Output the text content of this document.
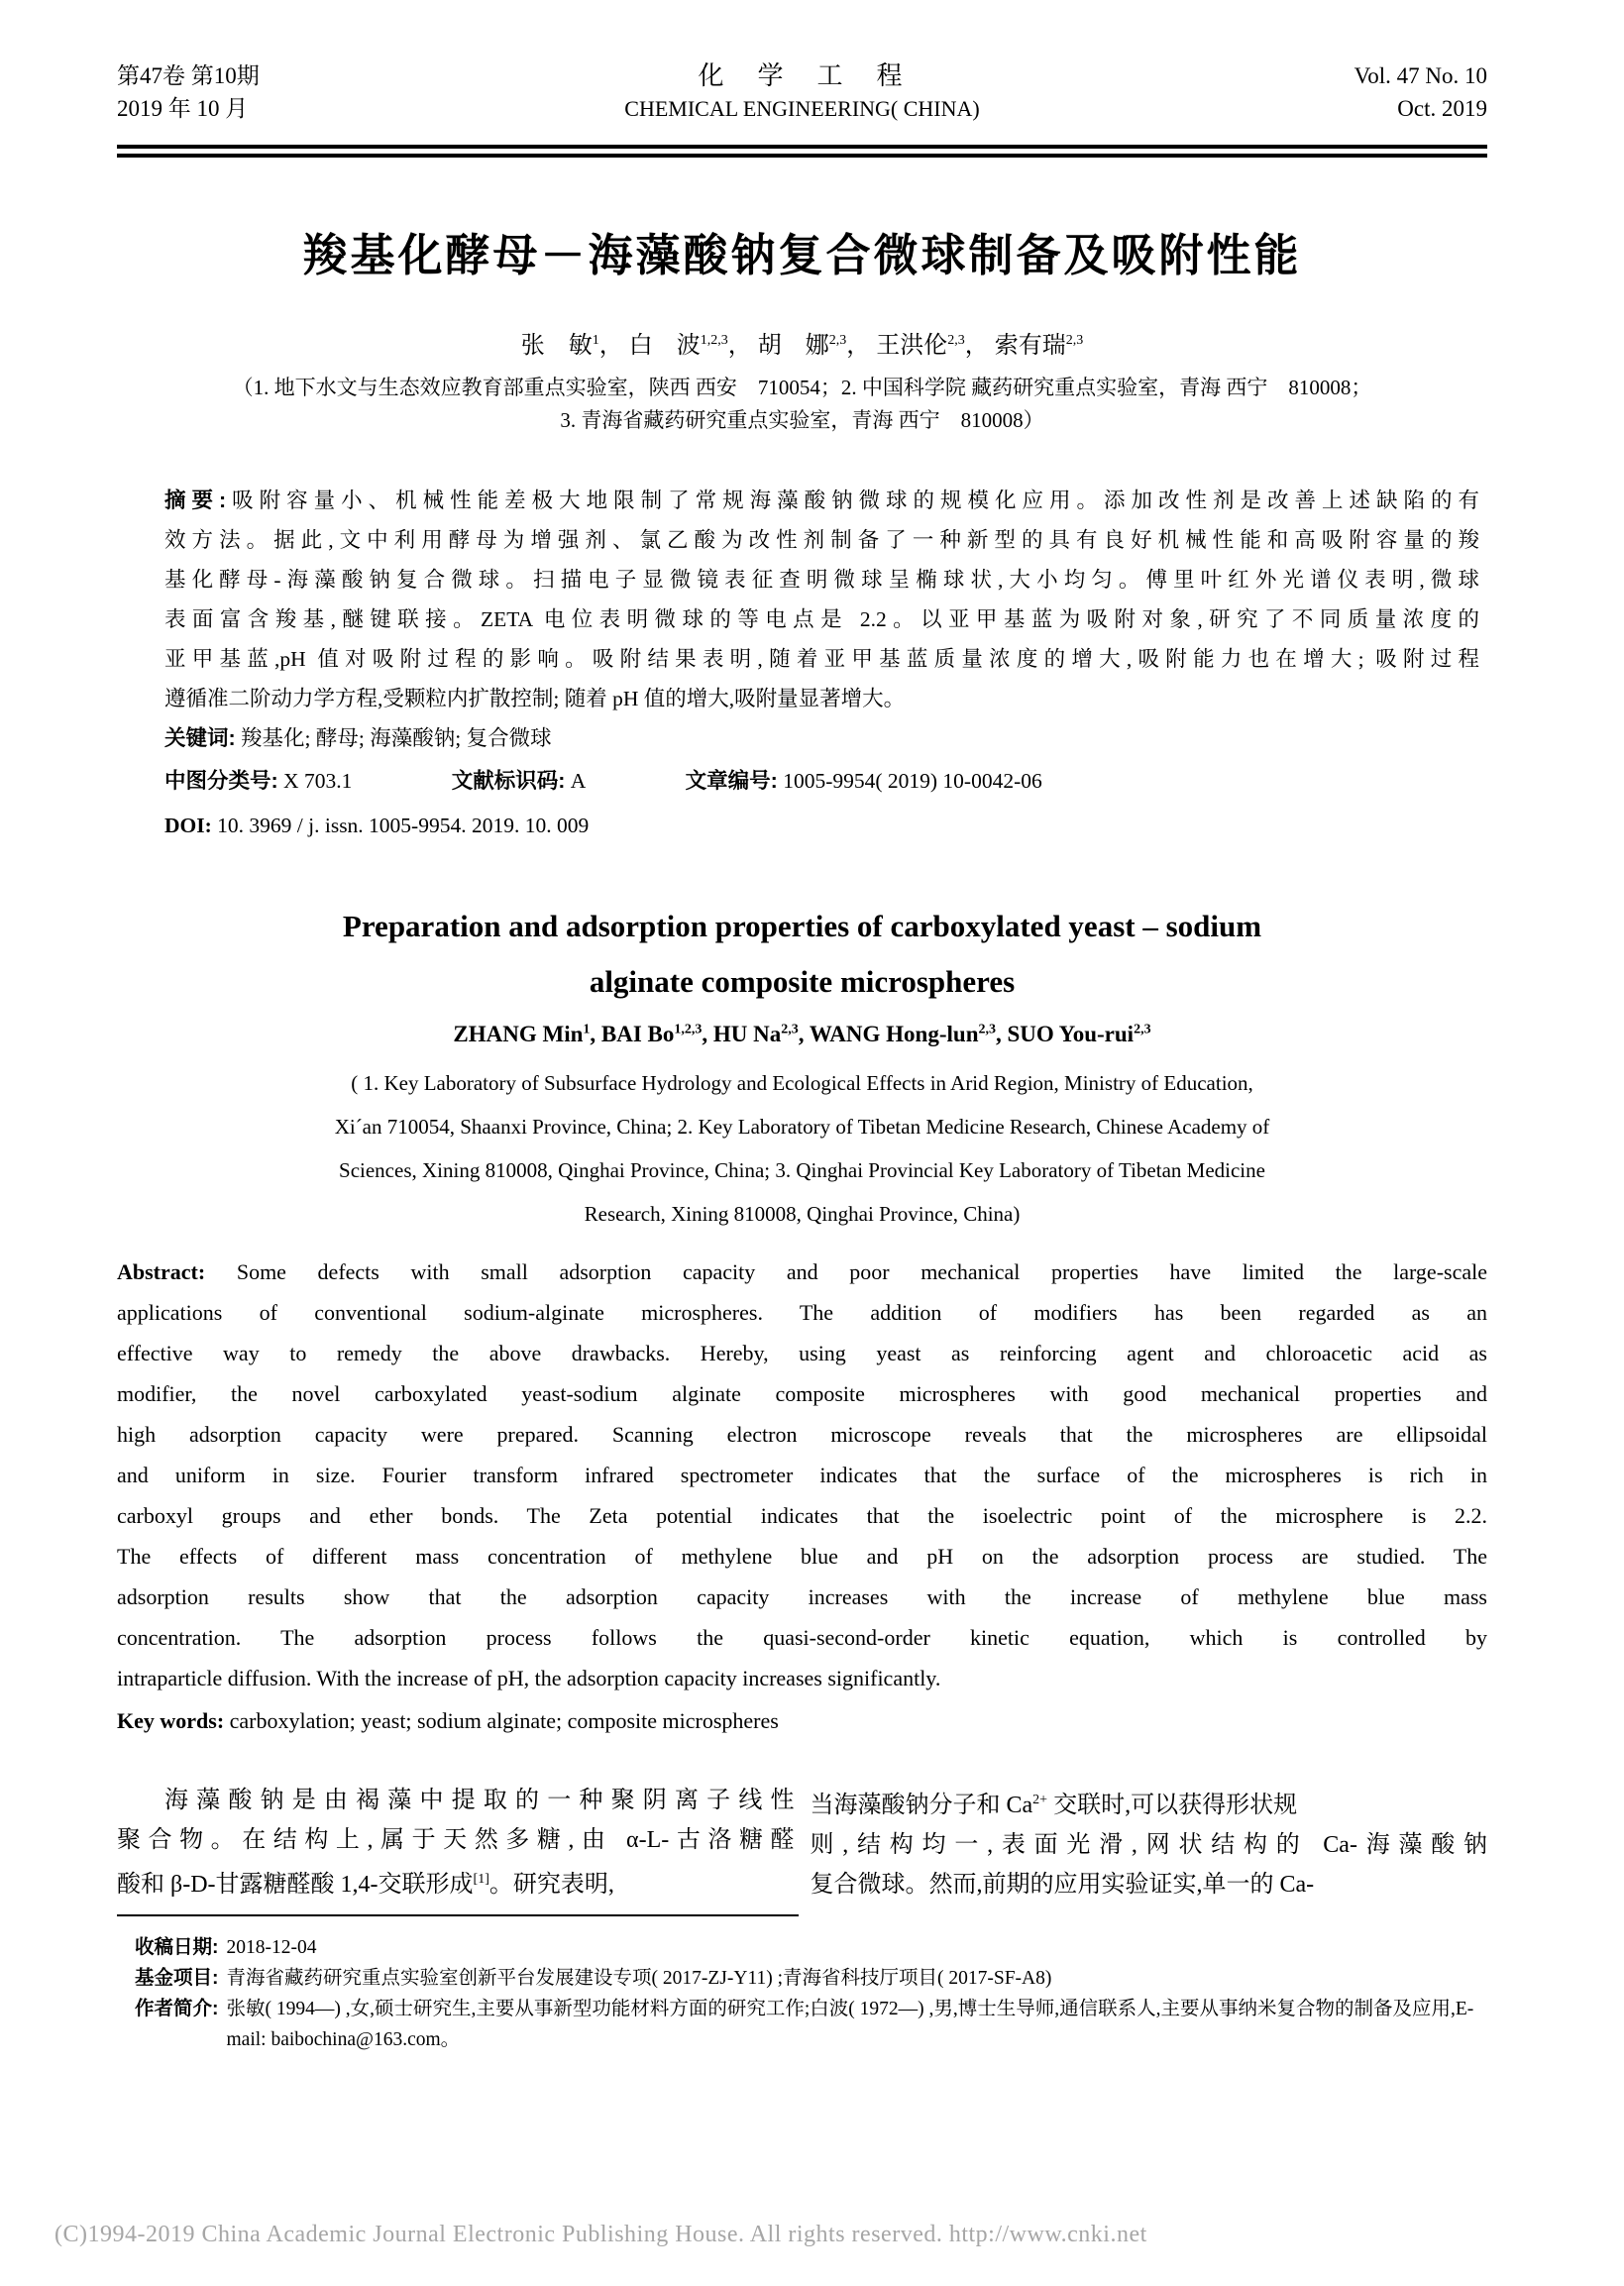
第47卷 第10期
2019 年 10 月
化　学　工　程
CHEMICAL ENGINEERING( CHINA)
Vol. 47 No. 10
Oct. 2019
羧基化酵母－海藻酸钠复合微球制备及吸附性能
张　敏$^1$， 白　波$^{1,2,3}$， 胡　娜$^{2,3}$， 王洪伦$^{2,3}$， 索有瑞$^{2,3}$
（1. 地下水文与生态效应教育部重点实验室，陕西 西安　710054；2. 中国科学院 藏药研究重点实验室，青海 西宁　810008；
3. 青海省藏药研究重点实验室，青海 西宁　810008）
摘要:吸附容量小、机械性能差极大地限制了常规海藻酸钠微球的规模化应用。添加改性剂是改善上述缺陷的有
效方法。据此,文中利用酵母为增强剂、氯乙酸为改性剂制备了一种新型的具有良好机械性能和高吸附容量的羧
基化酵母-海藻酸钠复合微球。扫描电子显微镜表征查明微球呈椭球状,大小均匀。傅里叶红外光谱仪表明,微球
表面富含羧基,醚键联接。ZETA 电位表明微球的等电点是 2.2。以亚甲基蓝为吸附对象,研究了不同质量浓度的
亚甲基蓝,pH 值对吸附过程的影响。吸附结果表明,随着亚甲基蓝质量浓度的增大,吸附能力也在增大; 吸附过程
遵循准二阶动力学方程,受颗粒内扩散控制; 随着 pH 值的增大,吸附量显著增大。
关键词: 羧基化; 酵母; 海藻酸钠; 复合微球
中图分类号: X 703.1	文献标识码: A	文章编号: 1005-9954( 2019) 10-0042-06
DOI: 10. 3969 / j. issn. 1005-9954. 2019. 10. 009
Preparation and adsorption properties of carboxylated yeast – sodium
alginate composite microspheres
ZHANG Min$^1$, BAI Bo$^{1,2,3}$, HU Na$^{2,3}$, WANG Hong-lun$^{2,3}$, SUO You-rui$^{2,3}$
( 1. Key Laboratory of Subsurface Hydrology and Ecological Effects in Arid Region, Ministry of Education,
Xi´an 710054, Shaanxi Province, China; 2. Key Laboratory of Tibetan Medicine Research, Chinese Academy of
Sciences, Xining 810008, Qinghai Province, China; 3. Qinghai Provincial Key Laboratory of Tibetan Medicine
Research, Xining 810008, Qinghai Province, China)
Abstract: Some defects with small adsorption capacity and poor mechanical properties have limited the large-scale
applications of conventional sodium-alginate microspheres. The addition of modifiers has been regarded as an
effective way to remedy the above drawbacks. Hereby, using yeast as reinforcing agent and chloroacetic acid as
modifier, the novel carboxylated yeast-sodium alginate composite microspheres with good mechanical properties and
high adsorption capacity were prepared. Scanning electron microscope reveals that the microspheres are ellipsoidal
and uniform in size. Fourier transform infrared spectrometer indicates that the surface of the microspheres is rich in
carboxyl groups and ether bonds. The Zeta potential indicates that the isoelectric point of the microsphere is 2.2.
The effects of different mass concentration of methylene blue and pH on the adsorption process are studied. The
adsorption results show that the adsorption capacity increases with the increase of methylene blue mass
concentration. The adsorption process follows the quasi-second-order kinetic equation, which is controlled by
intraparticle diffusion. With the increase of pH, the adsorption capacity increases significantly.
Key words: carboxylation; yeast; sodium alginate; composite microspheres
海藻酸钠是由褐藻中提取的一种聚阴离子线性
聚合物。在结构上,属于天然多糖,由 α-L-古洛糖醛
酸和 β-D-甘露糖醛酸 1,4-交联形成[1]。研究表明,
当海藻酸钠分子和 $Ca^{2+}$ 交联时,可以获得形状规
则,结构均一,表面光滑,网状结构的 Ca-海藻酸钠
复合微球。然而,前期的应用实验证实,单一的 Ca-
收稿日期: 2018-12-04
基金项目: 青海省藏药研究重点实验室创新平台发展建设专项( 2017-ZJ-Y11) ;青海省科技厅项目( 2017-SF-A8)
作者简介: 张敏( 1994—) ,女,硕士研究生,主要从事新型功能材料方面的研究工作;白波( 1972—) ,男,博士生导师,通信联系人,主要从事纳米复合物的制备及应用,E-mail: baibochina@163.com。
(C)1994-2019 China Academic Journal Electronic Publishing House. All rights reserved. http://www.cnki.net
